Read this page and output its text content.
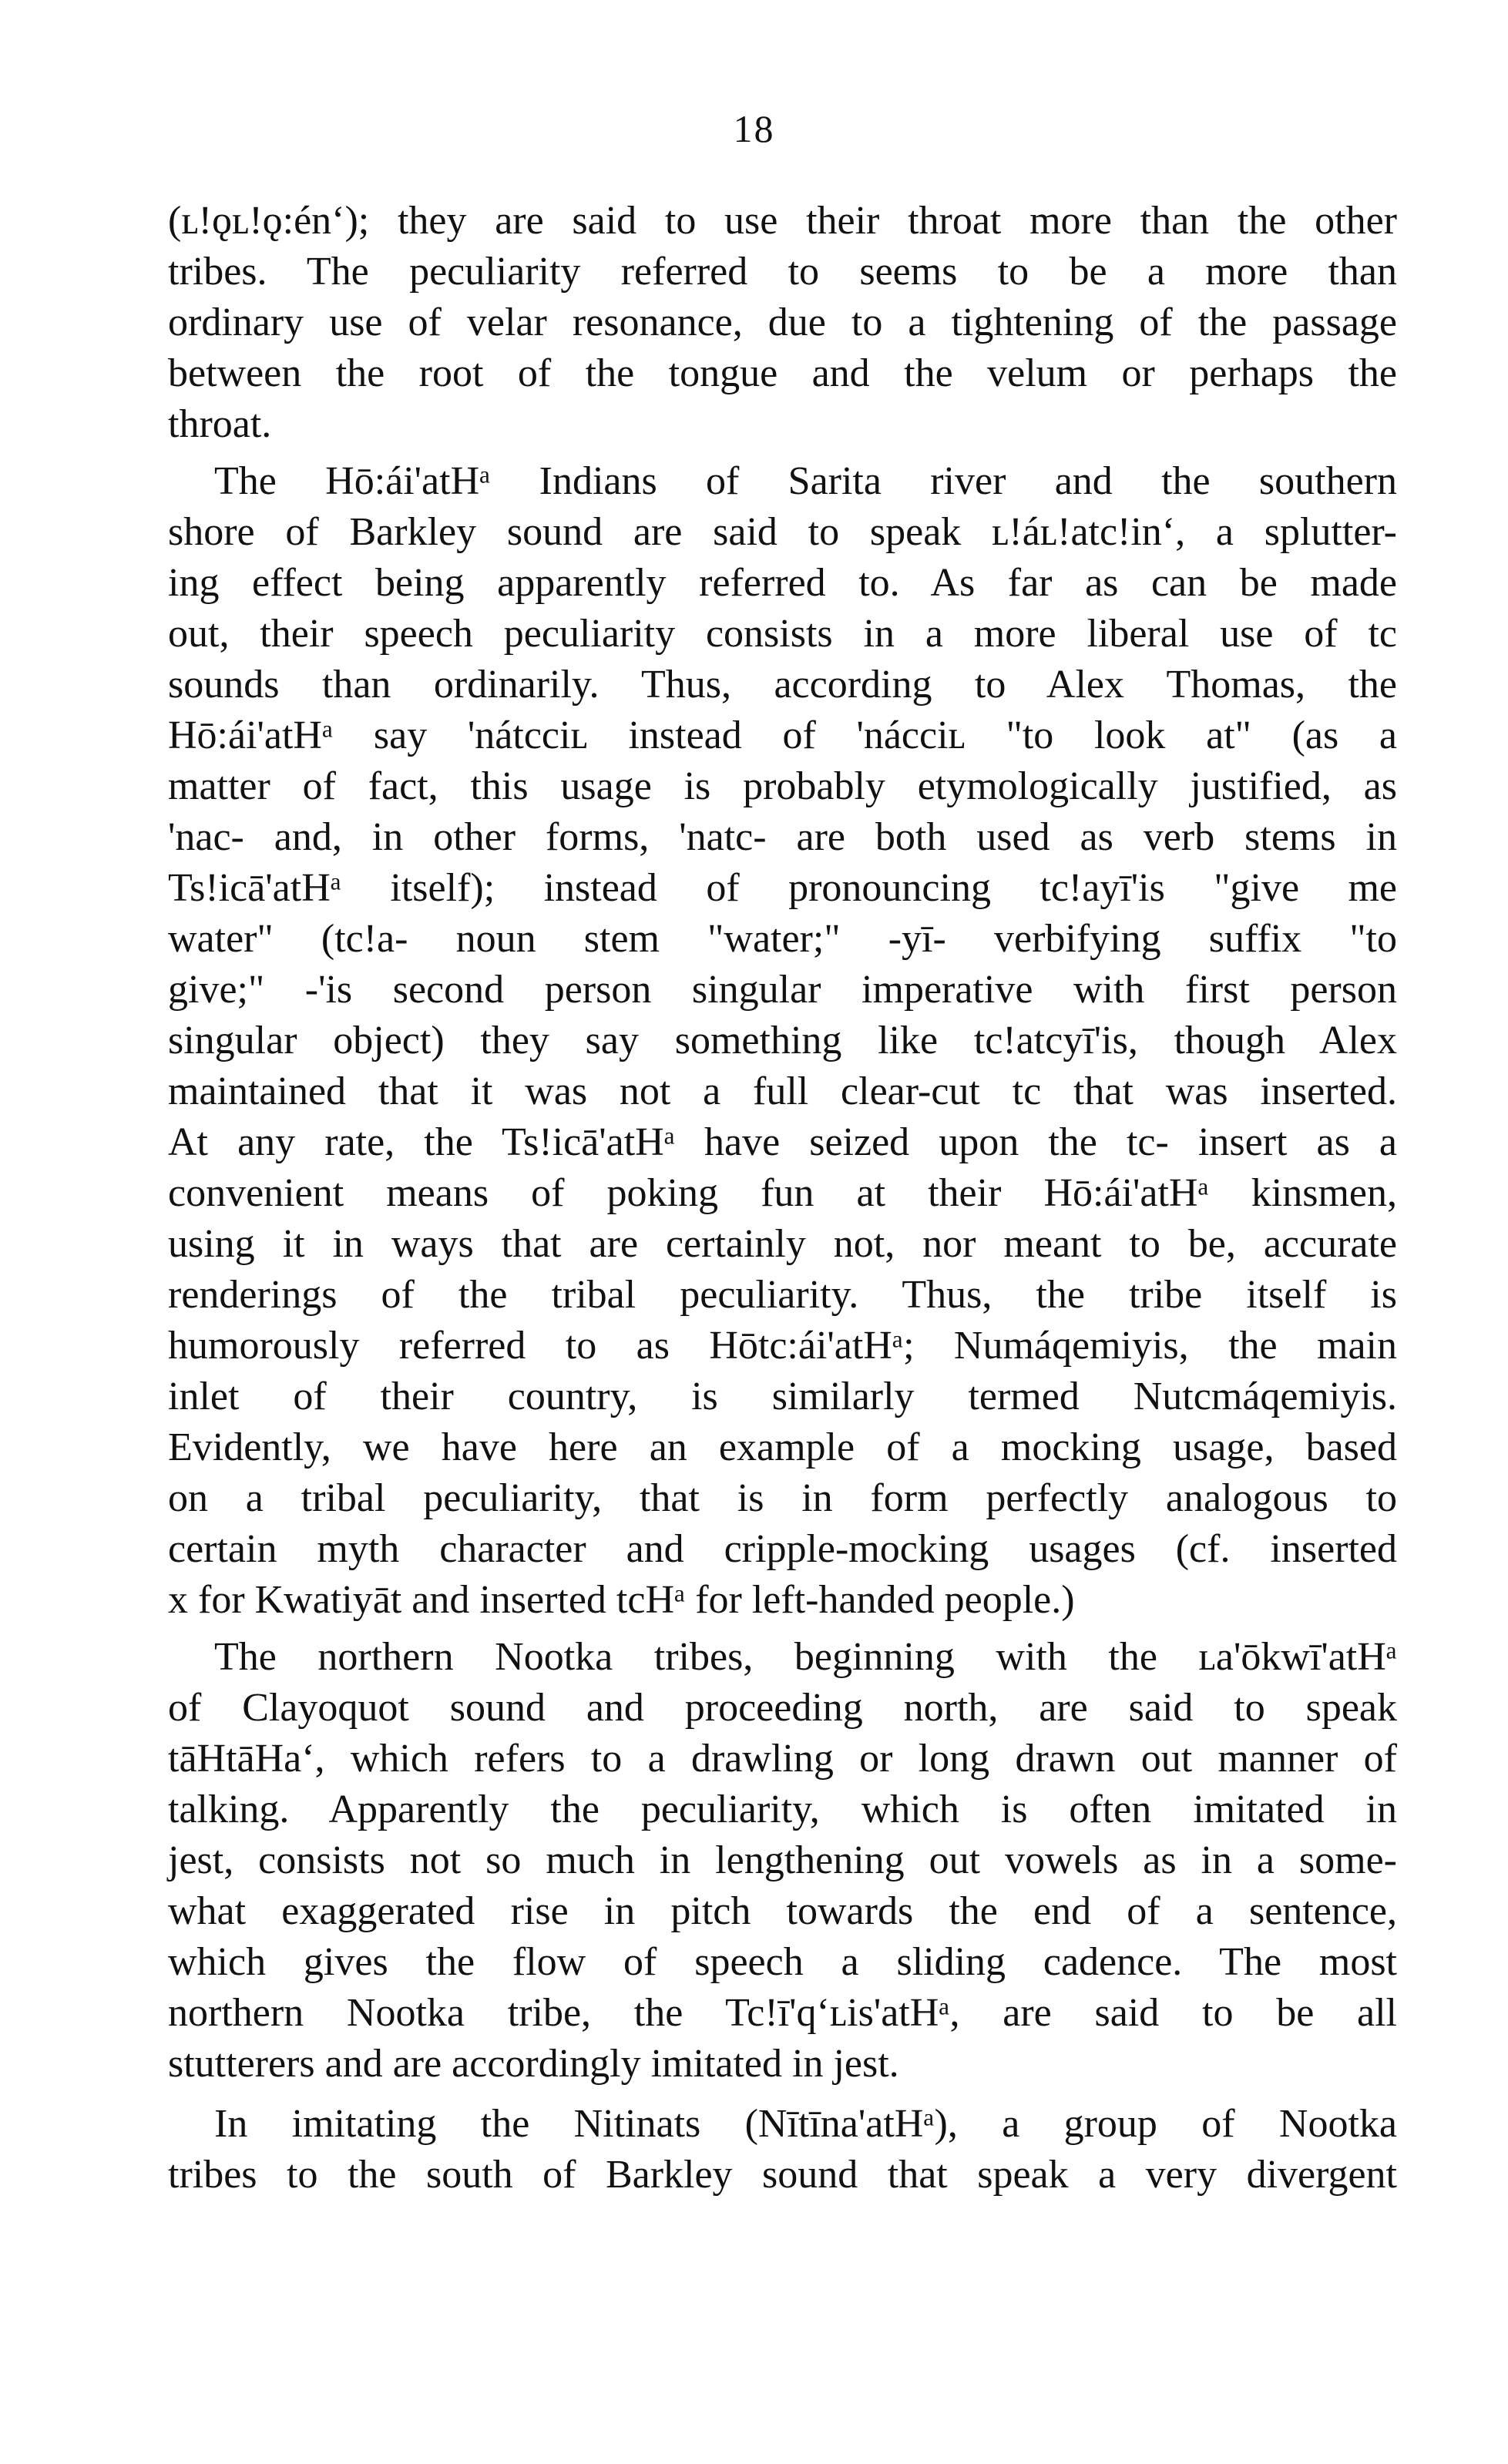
18
(ʟ!ǫʟ!ǫ:én‘); they are said to use their throat more than the other
tribes. The peculiarity referred to seems to be a more than
ordinary use of velar resonance, due to a tightening of the passage
between the root of the tongue and the velum or perhaps the
throat.
The Hō:ái'atHᵃ Indians of Sarita river and the southern
shore of Barkley sound are said to speak ʟ!áʟ!atc!in‘, a splutter-
ing effect being apparently referred to. As far as can be made
out, their speech peculiarity consists in a more liberal use of tc
sounds than ordinarily. Thus, according to Alex Thomas, the
Hō:ái'atHᵃ say 'nátcciʟ instead of 'nácciʟ "to look at" (as a
matter of fact, this usage is probably etymologically justified, as
'nac- and, in other forms, 'natc- are both used as verb stems in
Ts!icā'atHᵃ itself); instead of pronouncing tc!ayī'is "give me
water" (tc!a- noun stem "water;" -yī- verbifying suffix "to
give;" -'is second person singular imperative with first person
singular object) they say something like tc!atcyī'is, though Alex
maintained that it was not a full clear-cut tc that was inserted.
At any rate, the Ts!icā'atHᵃ have seized upon the tc- insert as a
convenient means of poking fun at their Hō:ái'atHᵃ kinsmen,
using it in ways that are certainly not, nor meant to be, accurate
renderings of the tribal peculiarity. Thus, the tribe itself is
humorously referred to as Hōtc:ái'atHᵃ; Numáqemiyis, the main
inlet of their country, is similarly termed Nutcmáqemiyis.
Evidently, we have here an example of a mocking usage, based
on a tribal peculiarity, that is in form perfectly analogous to
certain myth character and cripple-mocking usages (cf. inserted
x for Kwatiyāt and inserted tcHᵃ for left-handed people.)
The northern Nootka tribes, beginning with the ʟa'ōkwī'atHᵃ
of Clayoquot sound and proceeding north, are said to speak
tāHtāHa‘, which refers to a drawling or long drawn out manner of
talking. Apparently the peculiarity, which is often imitated in
jest, consists not so much in lengthening out vowels as in a some-
what exaggerated rise in pitch towards the end of a sentence,
which gives the flow of speech a sliding cadence. The most
northern Nootka tribe, the Tc!ī'q‘ʟis'atHᵃ, are said to be all
stutterers and are accordingly imitated in jest.
In imitating the Nitinats (Nītīna'atHᵃ), a group of Nootka
tribes to the south of Barkley sound that speak a very divergent
